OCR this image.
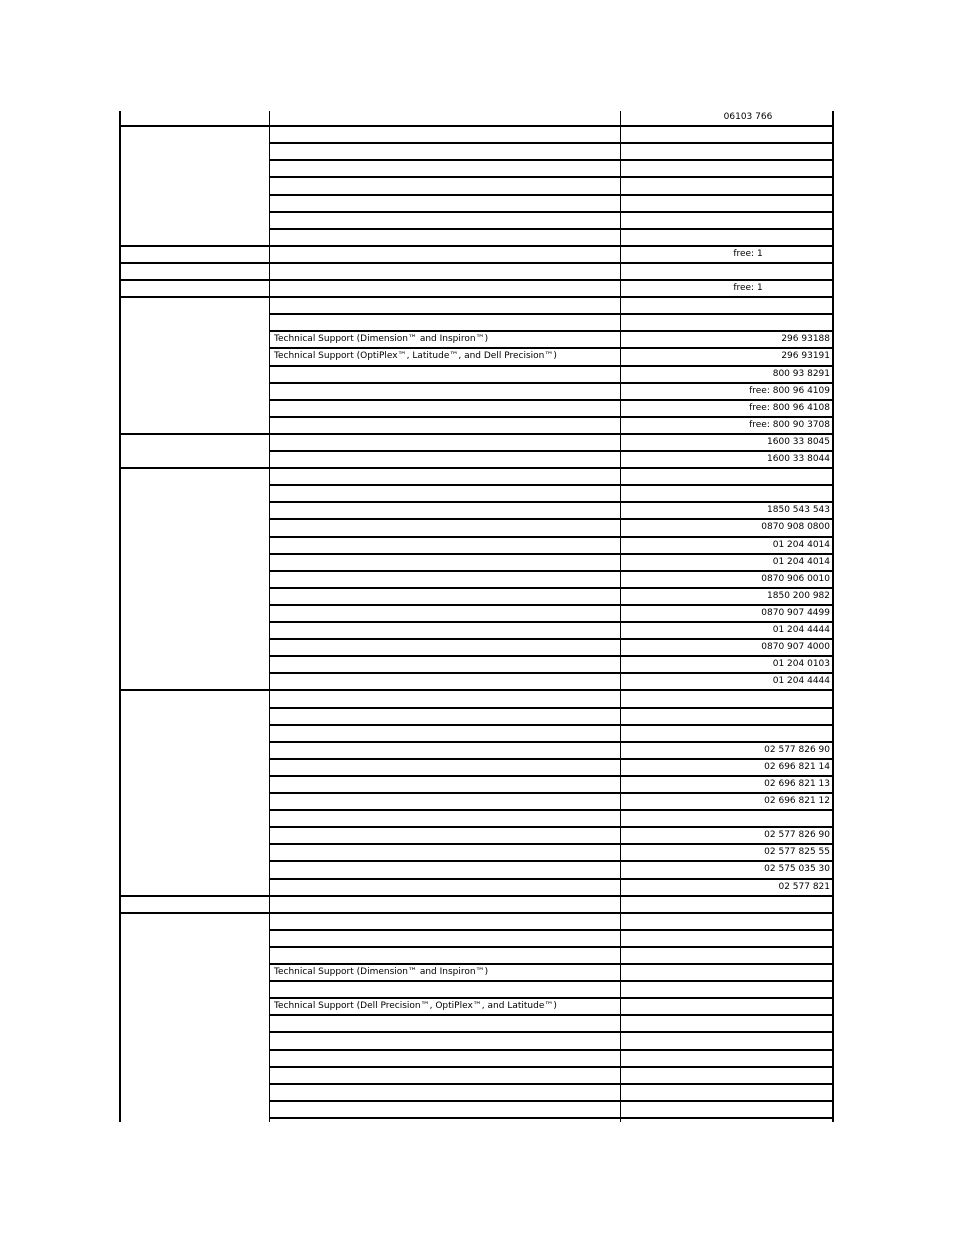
06103 766
free: 1
free: 1
Technical Support (Dimension™ and Inspiron™)	296 93188
Technical Support (OptiPlex™, Latitude™, and Dell Precision™)	296 93191
800 93 8291
free: 800 96 4109
free: 800 96 4108
free: 800 90 3708
1600 33 8045
1600 33 8044
1850 543 543
0870 908 0800
01 204 4014
01 204 4014
0870 906 0010
1850 200 982
0870 907 4499
01 204 4444
0870 907 4000
01 204 0103
01 204 4444
02 577 826 90
02 696 821 14
02 696 821 13
02 696 821 12
02 577 826 90
02 577 825 55
02 575 035 30
02 577 821
Technical Support (Dimension™ and Inspiron™)
Technical Support (Dell Precision™, OptiPlex™, and Latitude™)
